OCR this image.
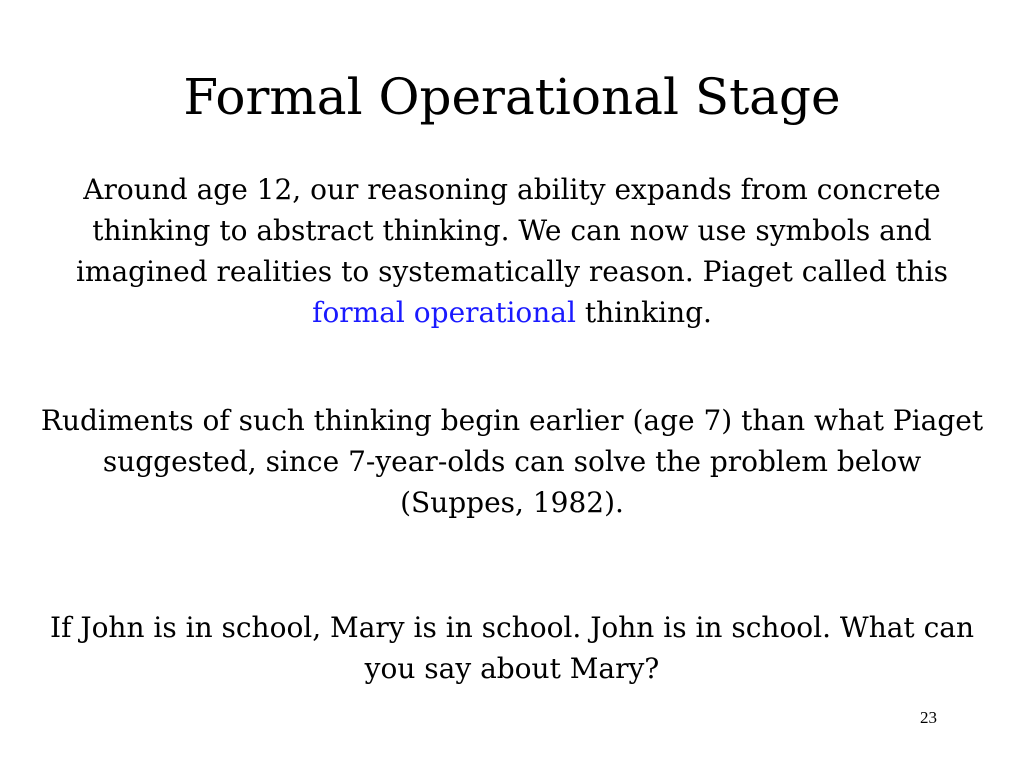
Formal Operational Stage

Around age 12, our reasoning ability expands from concrete thinking to abstract thinking. We can now use symbols and imagined realities to systematically reason. Piaget called this formal operational thinking.

Rudiments of such thinking begin earlier (age 7) than what Piaget suggested, since 7-year-olds can solve the problem below (Suppes, 1982).

If John is in school, Mary is in school. John is in school. What can you say about Mary?

23
